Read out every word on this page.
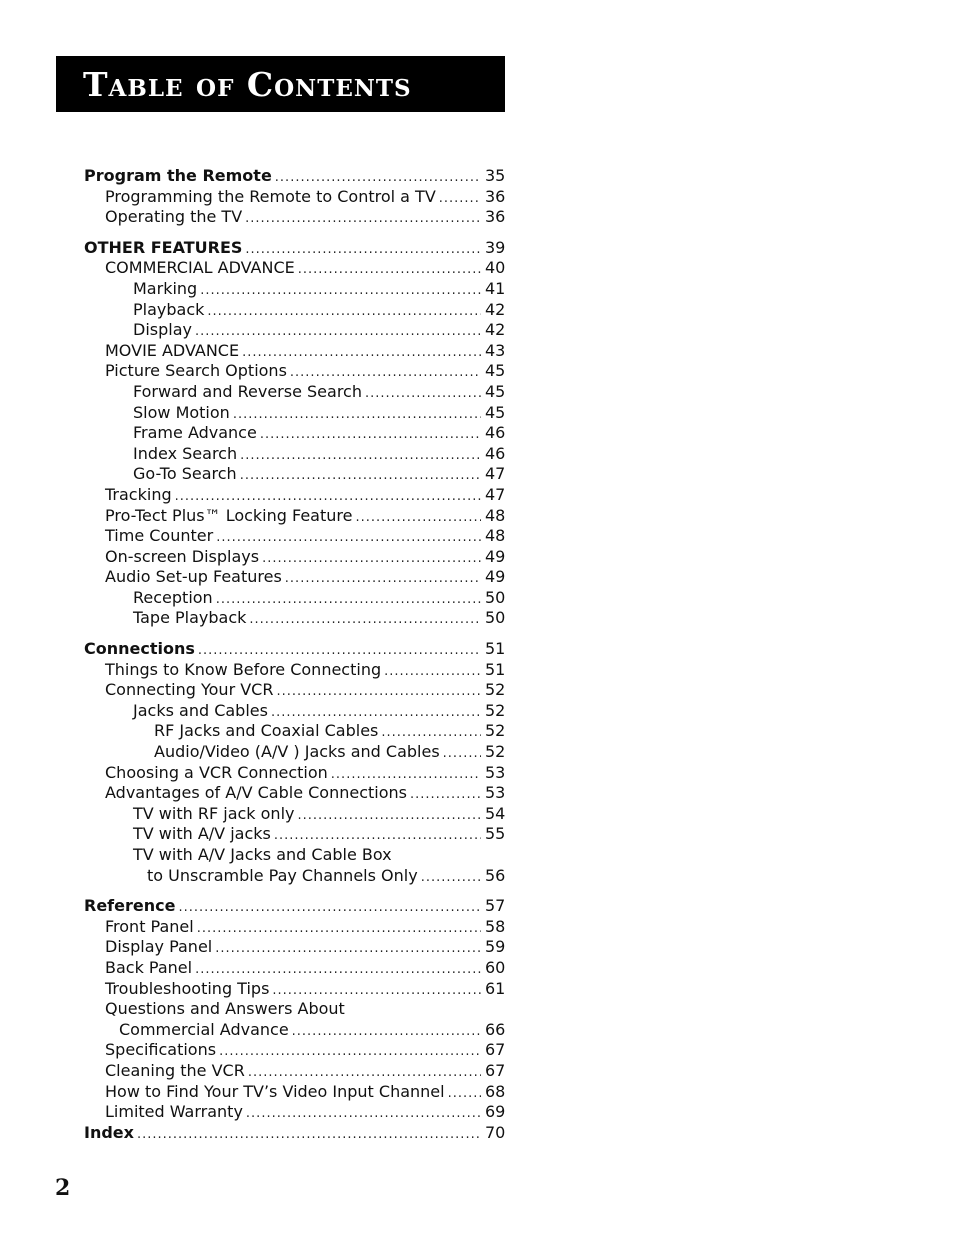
Table of Contents
Program the Remote .....	35
Programming the Remote to Control a TV .....	36
Operating the TV .....	36
OTHER FEATURES .....	39
COMMERCIAL ADVANCE .....	40
Marking .....	41
Playback .....	42
Display .....	42
MOVIE ADVANCE .....	43
Picture Search Options .....	45
Forward and Reverse Search .....	45
Slow Motion .....	45
Frame Advance .....	46
Index Search .....	46
Go-To Search .....	47
Tracking .....	47
Pro-Tect Plus™ Locking Feature .....	48
Time Counter .....	48
On-screen Displays .....	49
Audio Set-up Features .....	49
Reception .....	50
Tape Playback .....	50
Connections .....	51
Things to Know Before Connecting .....	51
Connecting Your VCR .....	52
Jacks and Cables .....	52
RF Jacks and Coaxial Cables .....	52
Audio/Video (A/V ) Jacks and Cables .....	52
Choosing a VCR Connection .....	53
Advantages of A/V Cable Connections .....	53
TV with RF jack only .....	54
TV with A/V jacks .....	55
TV with A/V Jacks and Cable Box
to Unscramble Pay Channels Only .....	56
Reference .....	57
Front Panel .....	58
Display Panel .....	59
Back Panel .....	60
Troubleshooting Tips .....	61
Questions and Answers About
Commercial Advance .....	66
Specifications .....	67
Cleaning the VCR .....	67
How to Find Your TV’s Video Input Channel .....	68
Limited Warranty .....	69
Index .....	70
2
